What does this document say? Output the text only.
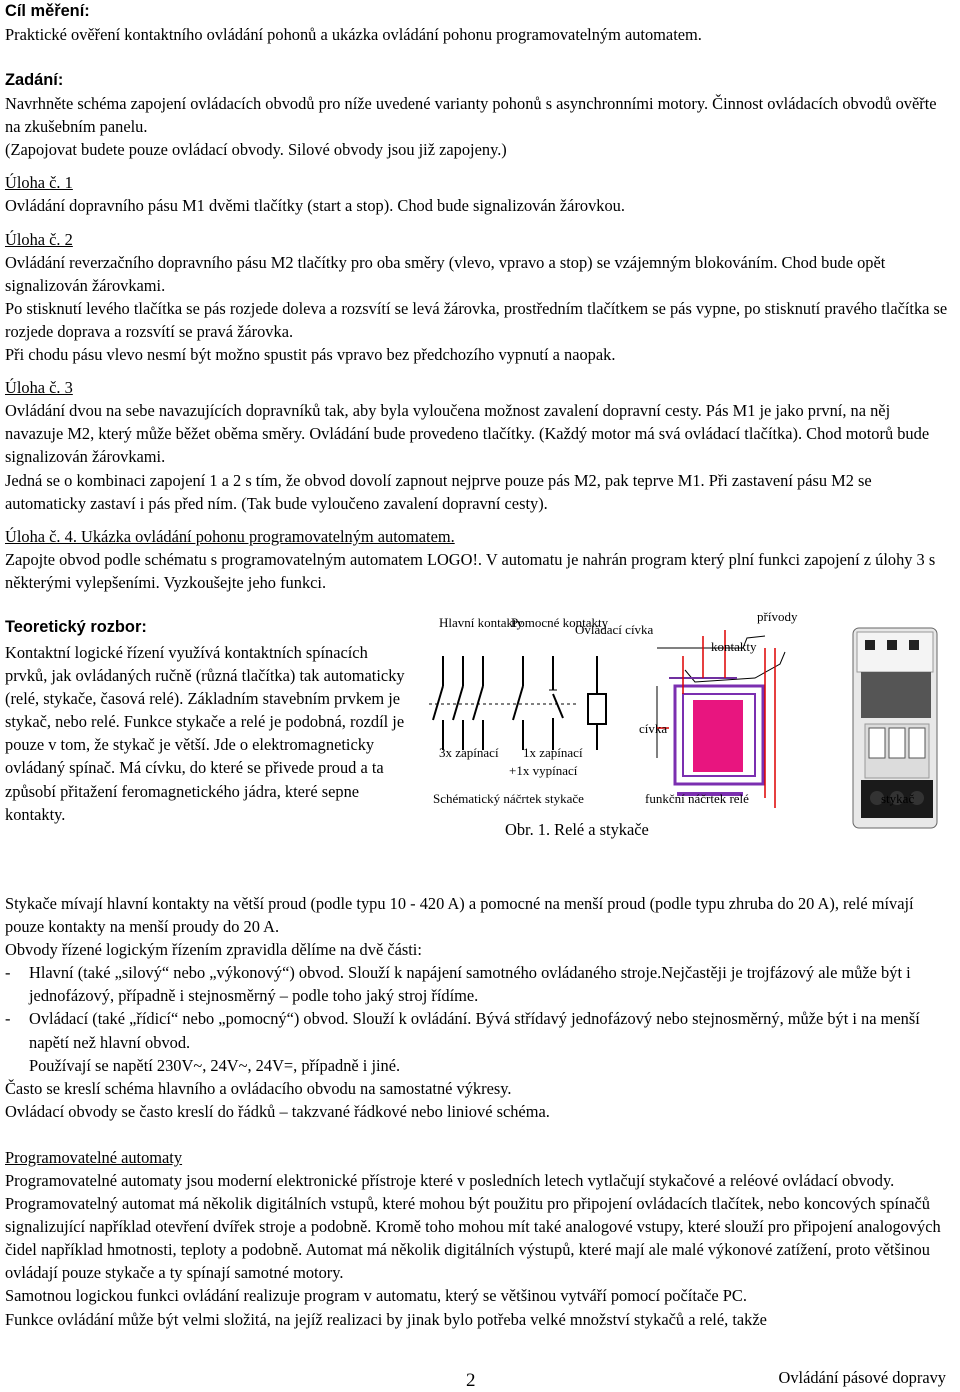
Cíl měření:

Praktické ověření kontaktního ovládání pohonů a ukázka ovládání pohonu programovatelným automatem.

Zadání:

Navrhněte schéma zapojení ovládacích obvodů pro níže uvedené varianty pohonů s asynchronními motory. Činnost ovládacích obvodů ověřte na zkušebním panelu.

(Zapojovat budete pouze ovládací obvody. Silové obvody jsou již zapojeny.)

Úloha č. 1

Ovládání dopravního pásu M1 dvěmi tlačítky (start a stop). Chod bude signalizován žárovkou.

Úloha č. 2

Ovládání reverzačního dopravního pásu M2 tlačítky pro oba směry (vlevo, vpravo a stop) se vzájemným blokováním. Chod bude opět signalizován žárovkami.

Po stisknutí levého tlačítka se pás rozjede doleva a rozsvítí se levá žárovka, prostředním tlačítkem se pás vypne, po stisknutí pravého tlačítka se rozjede doprava a rozsvítí se pravá žárovka.

Při chodu pásu vlevo nesmí být možno spustit pás vpravo bez předchozího vypnutí a naopak.

Úloha č. 3

Ovládání dvou na sebe navazujících dopravníků tak, aby byla vyloučena možnost zavalení dopravní cesty. Pás M1 je jako první, na něj navazuje M2, který může běžet oběma směry. Ovládání bude provedeno tlačítky. (Každý motor má svá ovládací tlačítka). Chod motorů bude signalizován žárovkami.

Jedná se o kombinaci zapojení 1 a 2 s tím, že obvod dovolí zapnout nejprve pouze pás M2, pak teprve M1. Při zastavení pásu M2 se automaticky zastaví i pás před ním. (Tak bude vyloučeno zavalení dopravní cesty).

Úloha č. 4. Ukázka ovládání pohonu programovatelným automatem.

Zapojte obvod podle schématu s programovatelným automatem LOGO!. V automatu je nahrán program který plní funkci zapojení z úlohy 3 s některými vylepšeními. Vyzkoušejte jeho funkci.

Teoretický rozbor:

Kontaktní logické řízení využívá kontaktních spínacích prvků, jak ovládaných ručně (různá tlačítka) tak automaticky (relé, stykače, časová relé). Základním stavebním prvkem je stykač, nebo relé. Funkce stykače a relé je podobná, rozdíl je pouze v tom, že stykač je větší. Jde o elektromagneticky ovládaný spínač. Má cívku, do které se přivede proud a ta způsobí přitažení feromagnetického jádra, které sepne kontakty.

Hlavní kontakty
Pomocné kontakty
Ovládací cívka
3x zapínací 1x zapínací
+1x vypínací
přívody
kontakty
cívka
Schématický náčrtek stykače	funkční náčrtek relé	stykač
Obr. 1. Relé a stykače

Stykače mívají hlavní kontakty na větší proud (podle typu 10 - 420 A) a pomocné na menší proud (podle typu zhruba do 20 A), relé mívají pouze kontakty na menší proudy do 20 A.

Obvody řízené logickým řízením zpravidla dělíme na dvě části:

-	Hlavní (také „silový“ nebo „výkonový“) obvod. Slouží k napájení samotného ovládaného stroje.Nejčastěji je trojfázový ale může být i jednofázový, případně i stejnosměrný – podle toho jaký stroj řídíme.
-	Ovládací (také „řídicí“ nebo „pomocný“) obvod. Slouží k ovládání. Bývá střídavý jednofázový nebo stejnosměrný, může být i na menší napětí než hlavní obvod.

Používají se napětí 230V~, 24V~, 24V=, případně i jiné.

Často se kreslí schéma hlavního a ovládacího obvodu na samostatné výkresy.

Ovládací obvody se často kreslí do řádků – takzvané řádkové nebo liniové schéma.

Programovatelné automaty

Programovatelné automaty jsou moderní elektronické přístroje které v posledních letech vytlačují stykačové a reléové ovládací obvody. Programovatelný automat má několik digitálních vstupů, které mohou být použitu pro připojení ovládacích tlačítek, nebo koncových spínačů signalizující například otevření dvířek stroje a podobně. Kromě toho mohou mít také analogové vstupy, které slouží pro připojení analogových čidel například hmotnosti, teploty a podobně. Automat má několik digitálních výstupů, které mají ale malé výkonové zatížení, proto většinou ovládají pouze stykače a ty spínají samotné motory.

Samotnou logickou funkci ovládání realizuje program v automatu, který se většinou vytváří pomocí počítače PC.

Funkce ovládání může být velmi složitá, na jejíž realizaci by jinak bylo potřeba velké množství stykačů a relé, takže

2	Ovládání pásové dopravy
